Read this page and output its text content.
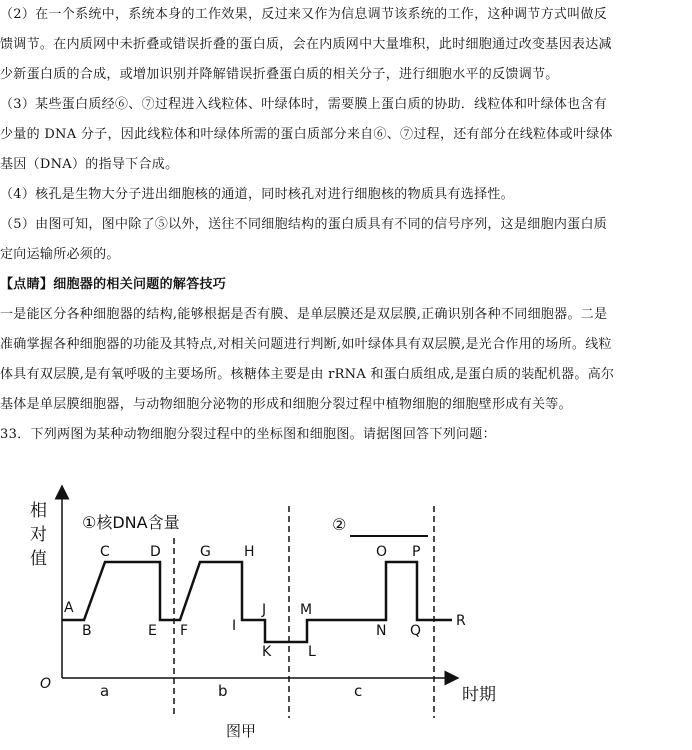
（2）在一个系统中，系统本身的工作效果，反过来又作为信息调节该系统的工作，这种调节方式叫做反
馈调节。在内质网中未折叠或错误折叠的蛋白质，会在内质网中大量堆积，此时细胞通过改变基因表达减
少新蛋白质的合成，或增加识别并降解错误折叠蛋白质的相关分子，进行细胞水平的反馈调节。
（3）某些蛋白质经⑥、⑦过程进入线粒体、叶绿体时，需要膜上蛋白质的协助．线粒体和叶绿体也含有
少量的 DNA 分子，因此线粒体和叶绿体所需的蛋白质部分来自⑥、⑦过程，还有部分在线粒体或叶绿体
基因（DNA）的指导下合成。
（4）核孔是生物大分子进出细胞核的通道，同时核孔对进行细胞核的物质具有选择性。
（5）由图可知，图中除了⑤以外，送往不同细胞结构的蛋白质具有不同的信号序列，这是细胞内蛋白质
定向运输所必须的。
【点睛】细胞器的相关问题的解答技巧
一是能区分各种细胞器的结构,能够根据是否有膜、是单层膜还是双层膜,正确识别各种不同细胞器。二是
准确掌握各种细胞器的功能及其特点,对相关问题进行判断,如叶绿体具有双层膜,是光合作用的场所。线粒
体具有双层膜,是有氧呼吸的主要场所。核糖体主要是由 rRNA 和蛋白质组成,是蛋白质的装配机器。高尔
基体是单层膜细胞器，与动物细胞分泌物的形成和细胞分裂过程中植物细胞的细胞壁形成有关等。
33．下列两图为某种动物细胞分裂过程中的坐标图和细胞图。请据图回答下列问题：
相
对
值
O
时期
①核DNA含量	②
A
B
C	D
E F
G H
I
J
K
M
L
O P
N Q
R
a	b	c
图甲
